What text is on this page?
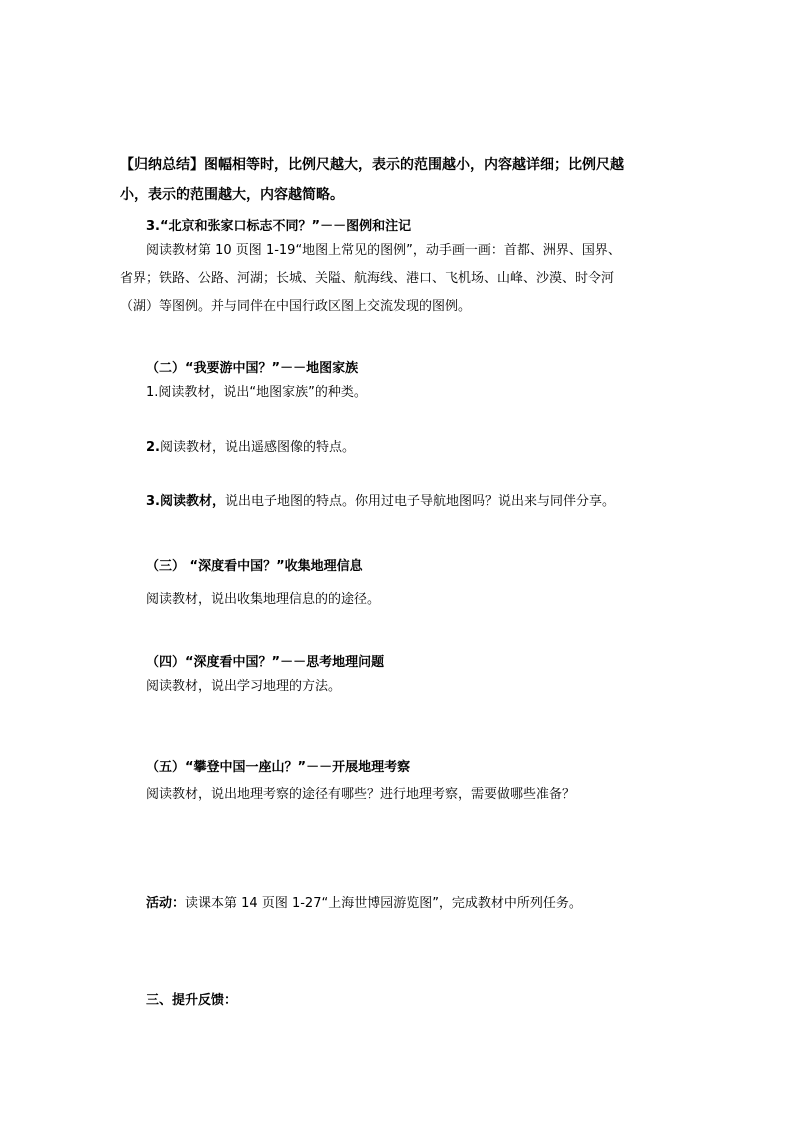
【归纳总结】图幅相等时，比例尺越大，表示的范围越小，内容越详细；比例尺越
小，表示的范围越大，内容越简略。
3.“北京和张家口标志不同？”－－图例和注记
阅读教材第 10 页图 1-19“地图上常见的图例”，动手画一画：首都、洲界、国界、
省界；铁路、公路、河湖；长城、关隘、航海线、港口、飞机场、山峰、沙漠、时令河
（湖）等图例。并与同伴在中国行政区图上交流发现的图例。
（二）“我要游中国？”－－地图家族
1.阅读教材，说出“地图家族”的种类。
2.阅读教材，说出遥感图像的特点。
3.阅读教材，说出电子地图的特点。你用过电子导航地图吗？说出来与同伴分享。
（三） “深度看中国？”收集地理信息
阅读教材，说出收集地理信息的的途径。
（四）“深度看中国？”－－思考地理问题
阅读教材，说出学习地理的方法。
（五）“攀登中国一座山？”－－开展地理考察
阅读教材，说出地理考察的途径有哪些？进行地理考察，需要做哪些准备？
活动：读课本第 14 页图 1-27“上海世博园游览图”，完成教材中所列任务。
三、提升反馈：
